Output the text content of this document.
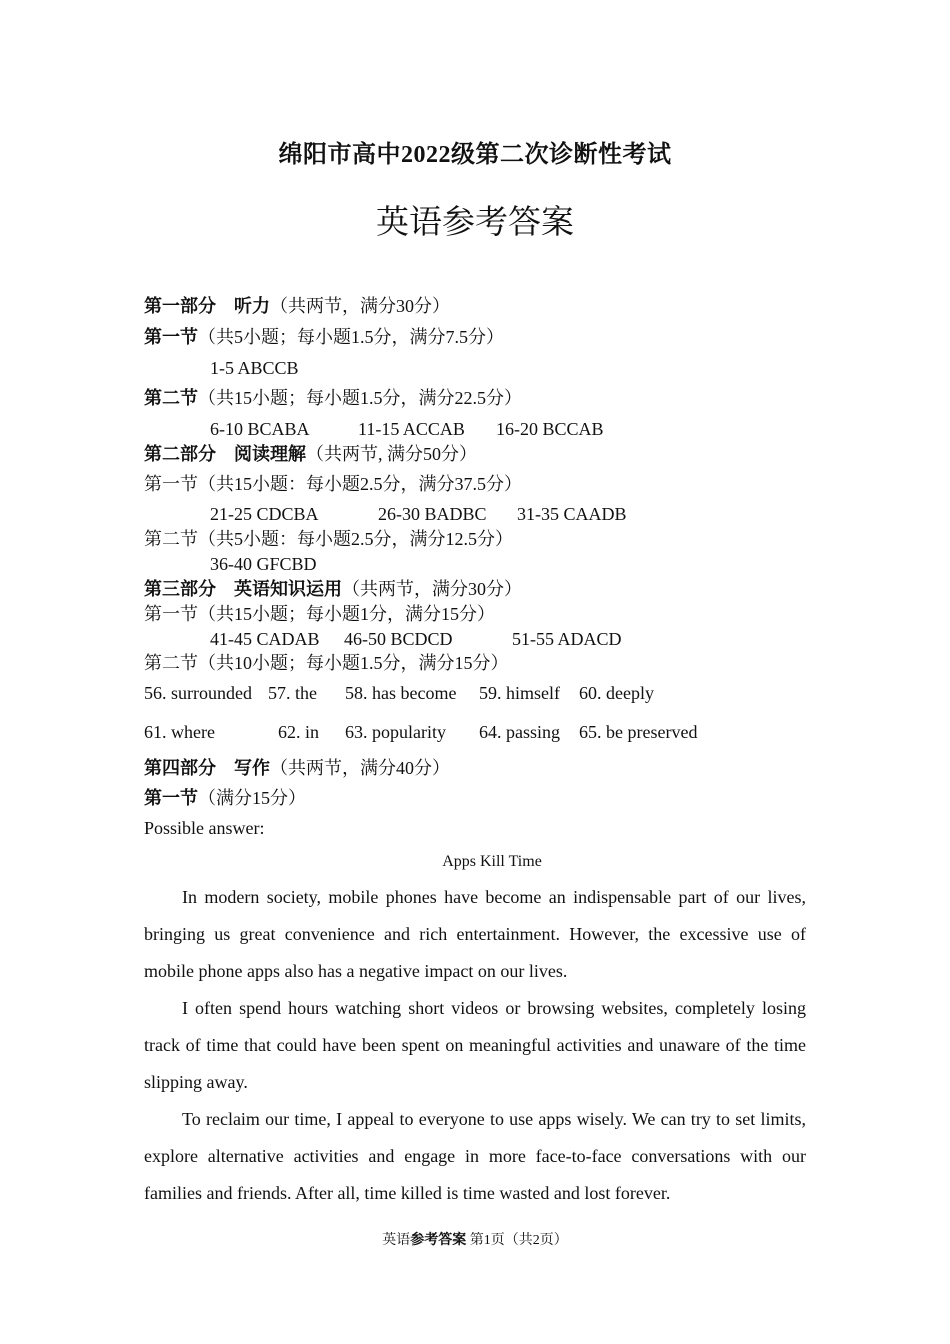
绵阳市高中2022级第二次诊断性考试
英语参考答案
第一部分　听力（共两节，满分30分）
第一节（共5小题；每小题1.5分，满分7.5分）
1-5 ABCCB
第二节（共15小题；每小题1.5分，满分22.5分）
6-10 BCABA	11-15 ACCAB 16-20 BCCAB
第二部分　阅读理解（共两节, 满分50分）
第一节（共15小题：每小题2.5分，满分37.5分）
21-25 CDCBA	26-30 BADBC 31-35 CAADB
第二节（共5小题：每小题2.5分，满分12.5分）
36-40 GFCBD
第三部分　英语知识运用（共两节，满分30分）
第一节（共15小题；每小题1分，满分15分）
41-45 CADAB 46-50 BCDCD	51-55 ADACD
第二节（共10小题；每小题1.5分，满分15分）
56. surrounded 57. the 58. has become 59. himself 60. deeply
61. where	62. in 63. popularity 64. passing 65. be preserved
第四部分　写作（共两节，满分40分）
第一节（满分15分）
Possible answer:
Apps Kill Time

In modern society, mobile phones have become an indispensable part of our lives, bringing us great convenience and rich entertainment. However, the excessive use of mobile phone apps also has a negative impact on our lives.

I often spend hours watching short videos or browsing websites, completely losing track of time that could have been spent on meaningful activities and unaware of the time slipping away.

To reclaim our time, I appeal to everyone to use apps wisely. We can try to set limits, explore alternative activities and engage in more face-to-face conversations with our families and friends. After all, time killed is time wasted and lost forever.

英语参考答案 第1页（共2页）
